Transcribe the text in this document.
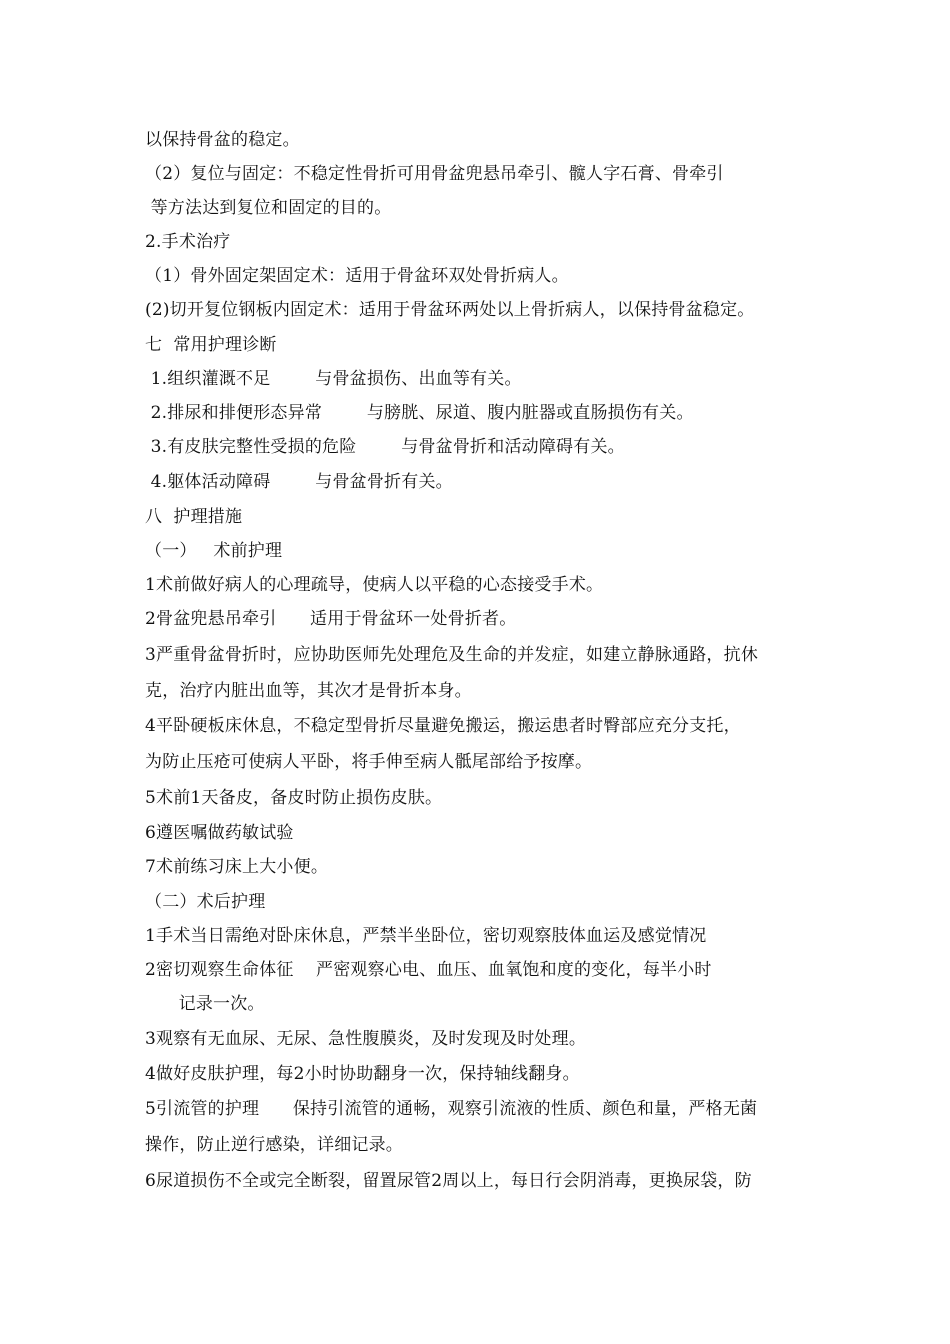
以保持骨盆的稳定。
（2）复位与固定：不稳定性骨折可用骨盆兜悬吊牵引、髋人字石膏、骨牵引
等方法达到复位和固定的目的。
2.手术治疗
（1）骨外固定架固定术：适用于骨盆环双处骨折病人。
(2)切开复位钢板内固定术：适用于骨盆环两处以上骨折病人，以保持骨盆稳定。
七  常用护理诊断
1.组织灌溉不足        与骨盆损伤、出血等有关。
2.排尿和排便形态异常        与膀胱、尿道、腹内脏器或直肠损伤有关。
3.有皮肤完整性受损的危险        与骨盆骨折和活动障碍有关。
4.躯体活动障碍        与骨盆骨折有关。
八  护理措施
（一）   术前护理
1术前做好病人的心理疏导，使病人以平稳的心态接受手术。
2骨盆兜悬吊牵引      适用于骨盆环一处骨折者。
3严重骨盆骨折时，应协助医师先处理危及生命的并发症，如建立静脉通路，抗休
克，治疗内脏出血等，其次才是骨折本身。
4平卧硬板床休息，不稳定型骨折尽量避免搬运，搬运患者时臀部应充分支托，
为防止压疮可使病人平卧，将手伸至病人骶尾部给予按摩。
5术前1天备皮，备皮时防止损伤皮肤。
6遵医嘱做药敏试验
7术前练习床上大小便。
（二）术后护理
1手术当日需绝对卧床休息，严禁半坐卧位，密切观察肢体血运及感觉情况
2密切观察生命体征    严密观察心电、血压、血氧饱和度的变化，每半小时
记录一次。
3观察有无血尿、无尿、急性腹膜炎，及时发现及时处理。
4做好皮肤护理，每2小时协助翻身一次，保持轴线翻身。
5引流管的护理      保持引流管的通畅，观察引流液的性质、颜色和量，严格无菌
操作，防止逆行感染，详细记录。
6尿道损伤不全或完全断裂，留置尿管2周以上，每日行会阴消毒，更换尿袋，防
